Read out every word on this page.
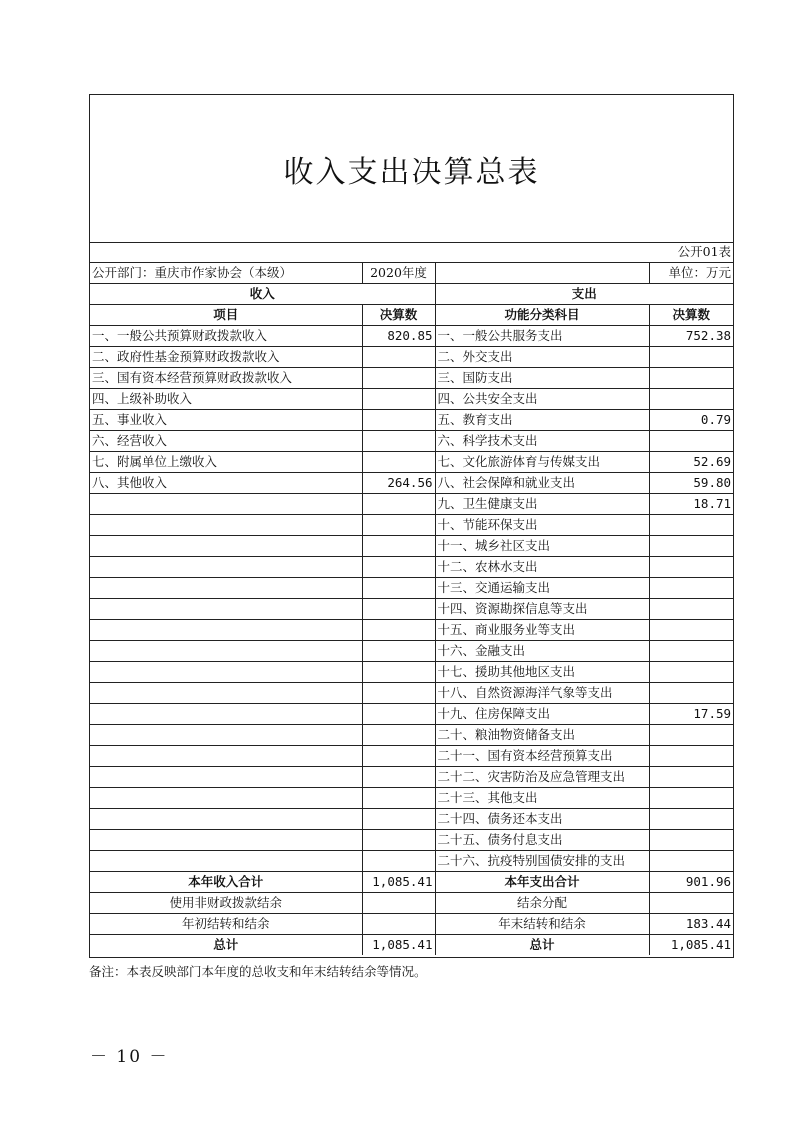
收入支出决算总表
公开01表			
公开部门：重庆市作家协会（本级）	2020年度		单位：万元
收入		支出	
项目	决算数	功能分类科目	决算数
一、一般公共预算财政拨款收入	820.85	一、一般公共服务支出	752.38
二、政府性基金预算财政拨款收入		二、外交支出	
三、国有资本经营预算财政拨款收入		三、国防支出	
四、上级补助收入		四、公共安全支出	
五、事业收入		五、教育支出	0.79
六、经营收入		六、科学技术支出	
七、附属单位上缴收入		七、文化旅游体育与传媒支出	52.69
八、其他收入	264.56	八、社会保障和就业支出	59.80
		九、卫生健康支出	18.71
		十、节能环保支出	
		十一、城乡社区支出	
		十二、农林水支出	
		十三、交通运输支出	
		十四、资源勘探信息等支出	
		十五、商业服务业等支出	
		十六、金融支出	
		十七、援助其他地区支出	
		十八、自然资源海洋气象等支出	
		十九、住房保障支出	17.59
		二十、粮油物资储备支出	
		二十一、国有资本经营预算支出	
		二十二、灾害防治及应急管理支出	
		二十三、其他支出	
		二十四、债务还本支出	
		二十五、债务付息支出	
		二十六、抗疫特别国债安排的支出	
本年收入合计	1,085.41	本年支出合计	901.96
使用非财政拨款结余		结余分配	
年初结转和结余		年末结转和结余	183.44
总计	1,085.41	总计	1,085.41
备注：本表反映部门本年度的总收支和年末结转结余等情况。
－ 10 －
